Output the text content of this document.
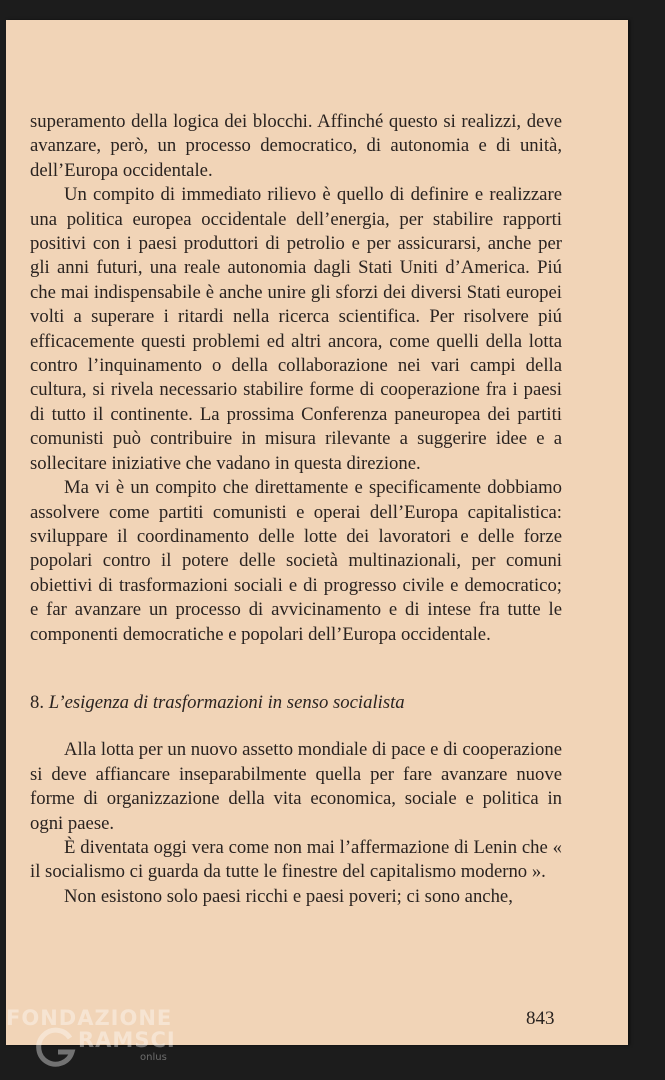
superamento della logica dei blocchi. Affinché questo si realizzi, deve avanzare, però, un processo democratico, di autonomia e di unità, dell’Europa occidentale.

Un compito di immediato rilievo è quello di definire e realizzare una politica europea occidentale dell’energia, per stabilire rapporti positivi con i paesi produttori di petrolio e per assicurarsi, anche per gli anni futuri, una reale autonomia dagli Stati Uniti d’America. Piú che mai indispensabile è anche unire gli sforzi dei diversi Stati europei volti a superare i ritardi nella ricerca scientifica. Per risolvere piú efficacemente questi problemi ed altri ancora, come quelli della lotta contro l’inquinamento o della collaborazione nei vari campi della cultura, si rivela necessario stabilire forme di cooperazione fra i paesi di tutto il continente. La prossima Conferenza paneuropea dei partiti comunisti può contribuire in misura rilevante a suggerire idee e a sollecitare iniziative che vadano in questa direzione.

Ma vi è un compito che direttamente e specificamente dobbiamo assolvere come partiti comunisti e operai dell’Europa capitalistica: sviluppare il coordinamento delle lotte dei lavoratori e delle forze popolari contro il potere delle società multinazionali, per comuni obiettivi di trasformazioni sociali e di progresso civile e democratico; e far avanzare un processo di avvicinamento e di intese fra tutte le componenti democratiche e popolari dell’Europa occidentale.

8. L’esigenza di trasformazioni in senso socialista

Alla lotta per un nuovo assetto mondiale di pace e di cooperazione si deve affiancare inseparabilmente quella per fare avanzare nuove forme di organizzazione della vita economica, sociale e politica in ogni paese.

È diventata oggi vera come non mai l’affermazione di Lenin che « il socialismo ci guarda da tutte le finestre del capitalismo moderno ».

Non esistono solo paesi ricchi e paesi poveri; ci sono anche,

843
FONDAZIONE
G
RAMSCI
onlus
